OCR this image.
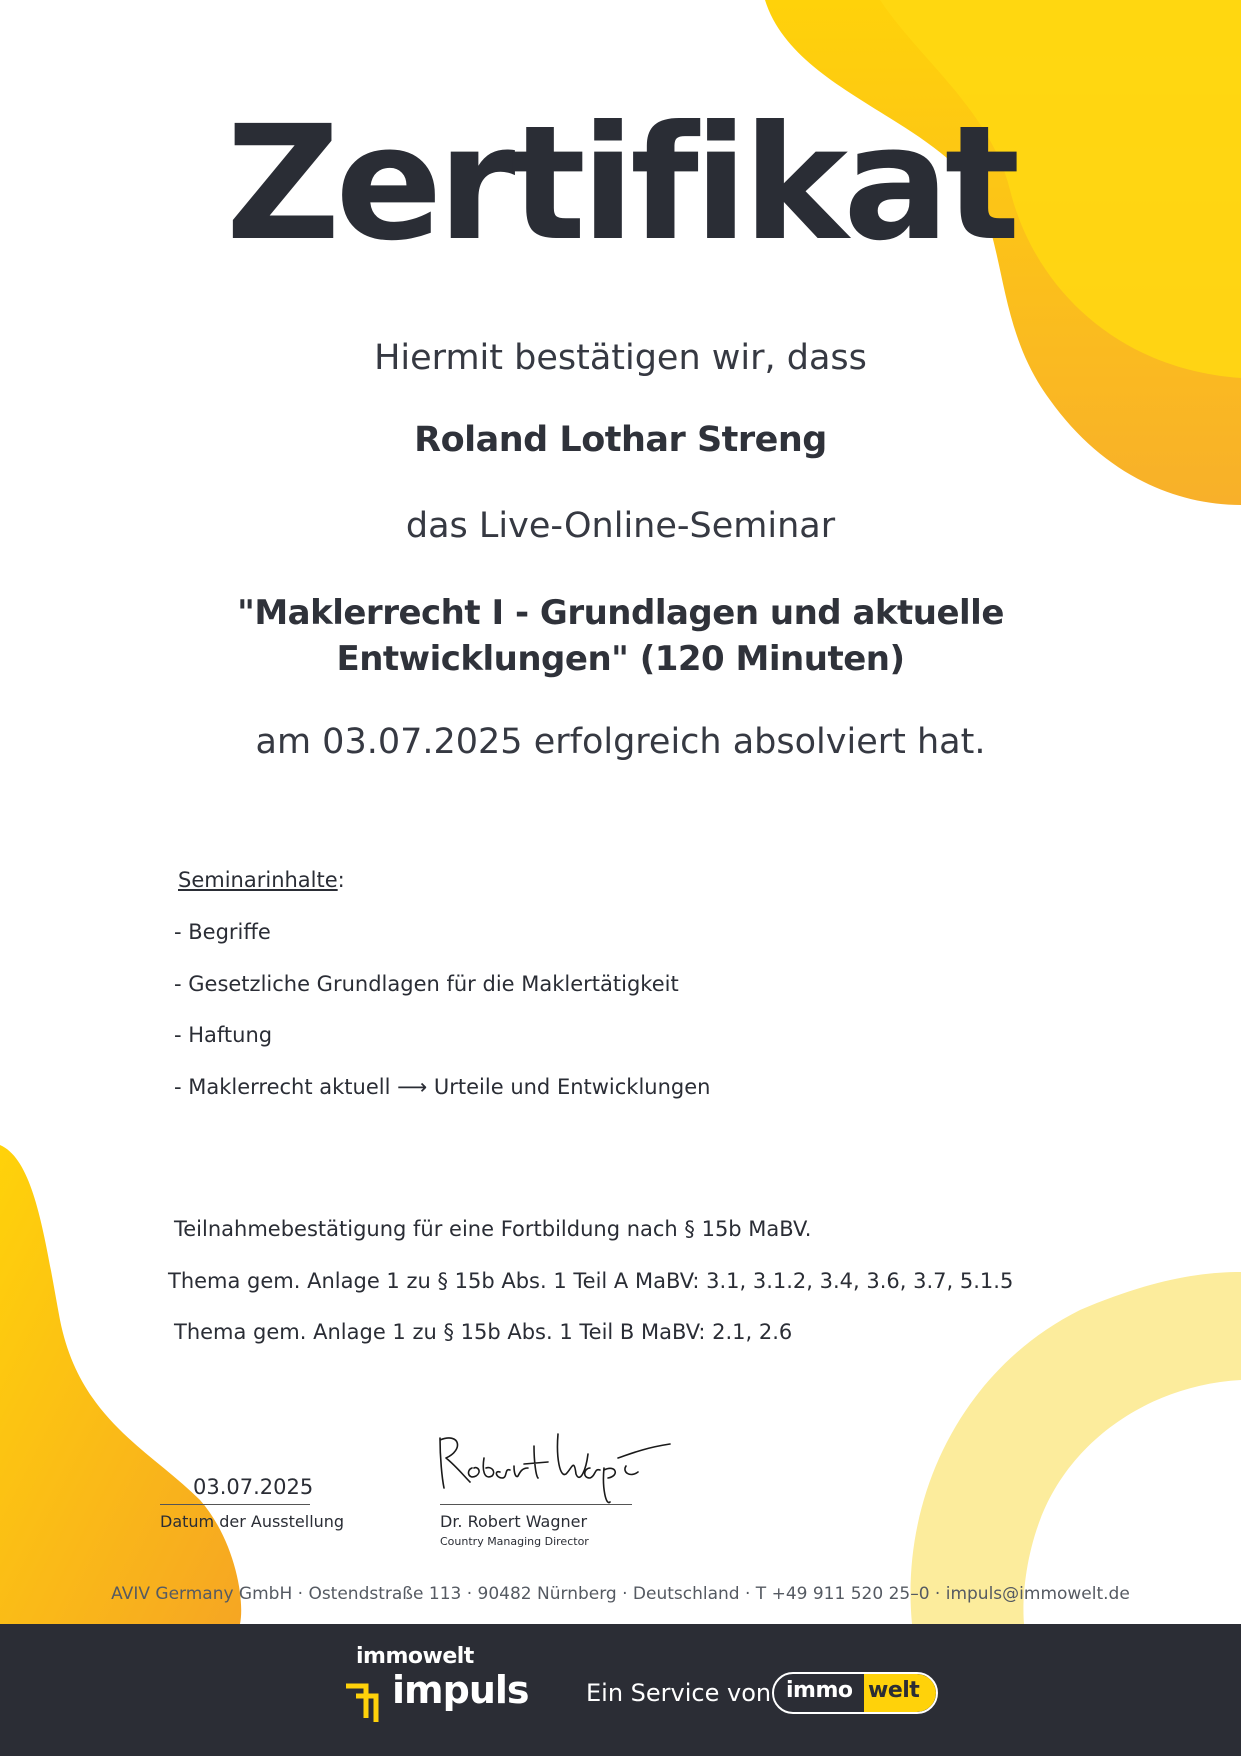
Zertifikat
Hiermit bestätigen wir, dass
Roland Lothar Streng
das Live-Online-Seminar
"Maklerrecht I - Grundlagen und aktuelle
Entwicklungen" (120 Minuten)
am 03.07.2025 erfolgreich absolviert hat.
Seminarinhalte:
- Begriffe
- Gesetzliche Grundlagen für die Maklertätigkeit
- Haftung
- Maklerrecht aktuell ⟶ Urteile und Entwicklungen
Teilnahmebestätigung für eine Fortbildung nach § 15b MaBV.
Thema gem. Anlage 1 zu § 15b Abs. 1 Teil A MaBV: 3.1, 3.1.2, 3.4, 3.6, 3.7, 5.1.5
Thema gem. Anlage 1 zu § 15b Abs. 1 Teil B MaBV: 2.1, 2.6
03.07.2025
Datum der Ausstellung	Dr. Robert Wagner
Country Managing Director
AVIV Germany GmbH · Ostendstraße 113 · 90482 Nürnberg · Deutschland · T +49 911 520 25–0 · impuls@immowelt.de
immowelt
impuls Ein Service von immo welt
